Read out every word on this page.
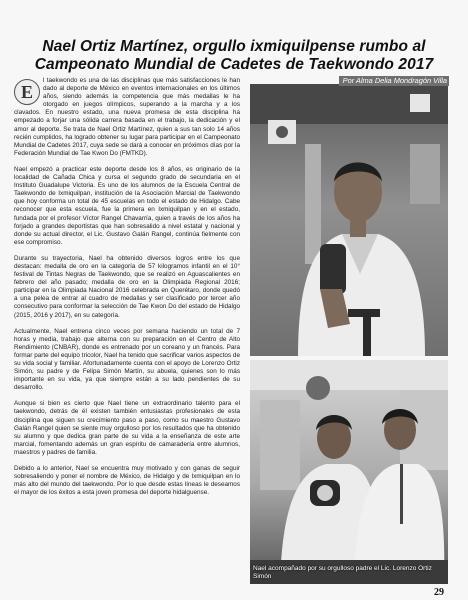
Nael Ortiz Martínez, orgullo ixmiquilpense rumbo al Campeonato Mundial de Cadetes de Taekwondo 2017

E
l taekwondo es una de las disciplinas que más satisfacciones le han dado al deporte de México en eventos internacionales en los últimos años, siendo además la competencia que más medallas le ha otorgado en juegos olímpicos, superando a la marcha y a los clavados. En nuestro estado, una nueva promesa de esta disciplina ha empezado a forjar una sólida carrera basada en el trabajo, la dedicación y el amor al deporte. Se trata de Nael Ortiz Martínez, quien a sus tan solo 14 años recién cumplidos, ha logrado obtener su lugar para participar en el Campeonato Mundial de Cadetes 2017, cuya sede se dará a conocer en próximos días por la Federación Mundial de Tae Kwon Do (FMTKD).

Nael empezó a practicar este deporte desde los 8 años, es originario de la localidad de Cañada Chica y cursa el segundo grado de secundaria en el Instituto Guadalupe Victoria. Es uno de los alumnos de la Escuela Central de Taekwondo de Ixmiquilpan, institución de la Asociación Marcial de Taekwondo que hoy conforma un total de 45 escuelas en todo el estado de Hidalgo. Cabe reconocer que esta escuela, fue la primera en Ixmiquilpan y en el estado, fundada por el profesor Víctor Rangel Chavarría, quien a través de los años ha forjado a grandes deportistas que han sobresalido a nivel estatal y nacional y donde su actual director, el Lic. Gustavo Galán Rangel, continúa fielmente con ese compromiso.

Durante su trayectoria, Nael ha obtenido diversos logros entre los que destacan: medalla de oro en la categoría de 57 kilogramos infantil en el 10° festival de Tintas Negras de Taekwondo, que se realizó en Aguascalientes en febrero del año pasado; medalla de oro en la Olimpiada Regional 2016; participar en la Olimpiada Nacional 2016 celebrada en Querétaro, donde quedó a una pelea de entrar al cuadro de medallas y ser clasificado por tercer año consecutivo para conformar la selección de Tae Kwon Do del estado de Hidalgo (2015, 2016 y 2017), en su categoría.

Actualmente, Nael entrena cinco veces por semana haciendo un total de 7 horas y media, trabajo que alterna con su preparación en el Centro de Alto Rendimiento (CNBAR), donde es entrenado por un coreano y un francés. Para formar parte del equipo tricolor, Nael ha tenido que sacrificar varios aspectos de su vida social y familiar. Afortunadamente cuenta con el apoyo de Lorenzo Ortiz Simón, su padre y de Felipa Simón Martín, su abuela, quienes son lo más importante en su vida, ya que siempre están a su lado pendientes de su desarrollo.

Aunque si bien es cierto que Nael tiene un extraordinario talento para el taekwondo, detrás de él existen también entusiastas profesionales de esta disciplina que siguen su crecimiento paso a paso, como su maestro Gustavo Galán Rangel quien se siente muy orgulloso por los resultados que ha obtenido su alumno y que dedica gran parte de su vida a la enseñanza de este arte marcial, fomentando además un gran espíritu de camaradería entre alumnos, maestros y padres de familia.

Debido a lo anterior, Nael se encuentra muy motivado y con ganas de seguir sobresaliendo y poner el nombre de México, de Hidalgo y de Ixmiquilpan en lo más alto del mundo del taekwondo. Por lo que desde estas líneas le deseamos el mayor de los éxitos a esta joven promesa del deporte hidalguense.

Por Alma Delia Mondragón Villa
Nael acompañado por su orgulloso padre el Lic. Lorenzo Ortiz Simón
29
